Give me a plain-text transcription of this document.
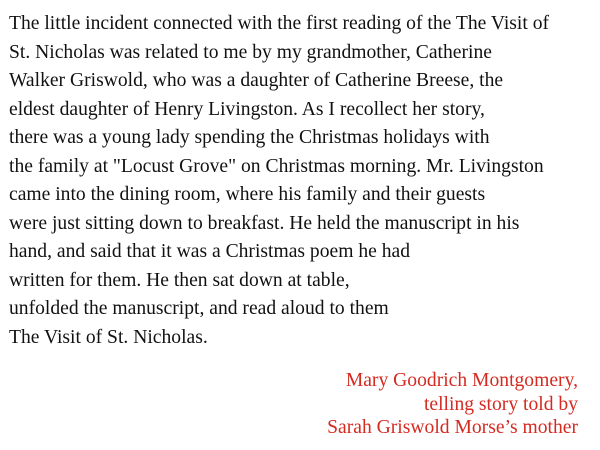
The little incident connected with the first reading of the The Visit of
St. Nicholas was related to me by my grandmother, Catherine
Walker Griswold, who was a daughter of Catherine Breese, the
eldest daughter of Henry Livingston. As I recollect her story,
there was a young lady spending the Christmas holidays with
the family at "Locust Grove" on Christmas morning. Mr. Livingston
came into the dining room, where his family and their guests
were just sitting down to breakfast. He held the manuscript in his
hand, and said that it was a Christmas poem he had
written for them. He then sat down at table,
unfolded the manuscript, and read aloud to them
The Visit of St. Nicholas.

Mary Goodrich Montgomery,
telling story told by
Sarah Griswold Morse’s mother
